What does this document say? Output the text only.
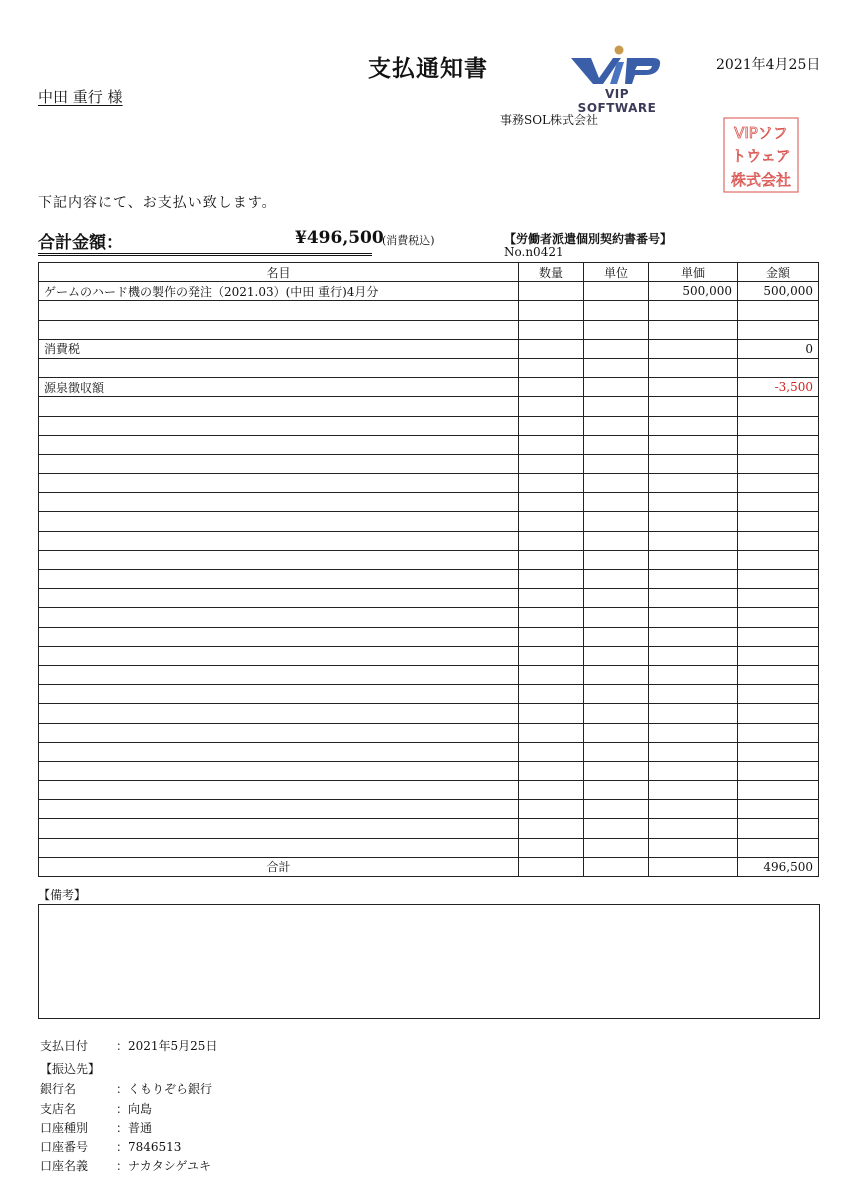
支払通知書	2021年4月25日
中田 重行 様	VIP SOFTWARE
事務SOL株式会社
VIPソフ
トウェア
株式会社
下記内容にて、お支払い致します。
合計金額：	¥496,500
(消費税込)	【労働者派遣個別契約書番号】
No.n0421
名目	数量	単位	単価	金額
ゲームのハード機の製作の発注（2021.03）(中田 重行)4月分			500,000	500,000

消費税				0

源泉徴収額				-3,500

合計				496,500
【備考】
支払日付 ：2021年5月25日
【振込先】
銀行名	：くもりぞら銀行
支店名	：向島
口座種別 ：普通
口座番号 ：7846513
口座名義 ：ナカタシゲユキ
